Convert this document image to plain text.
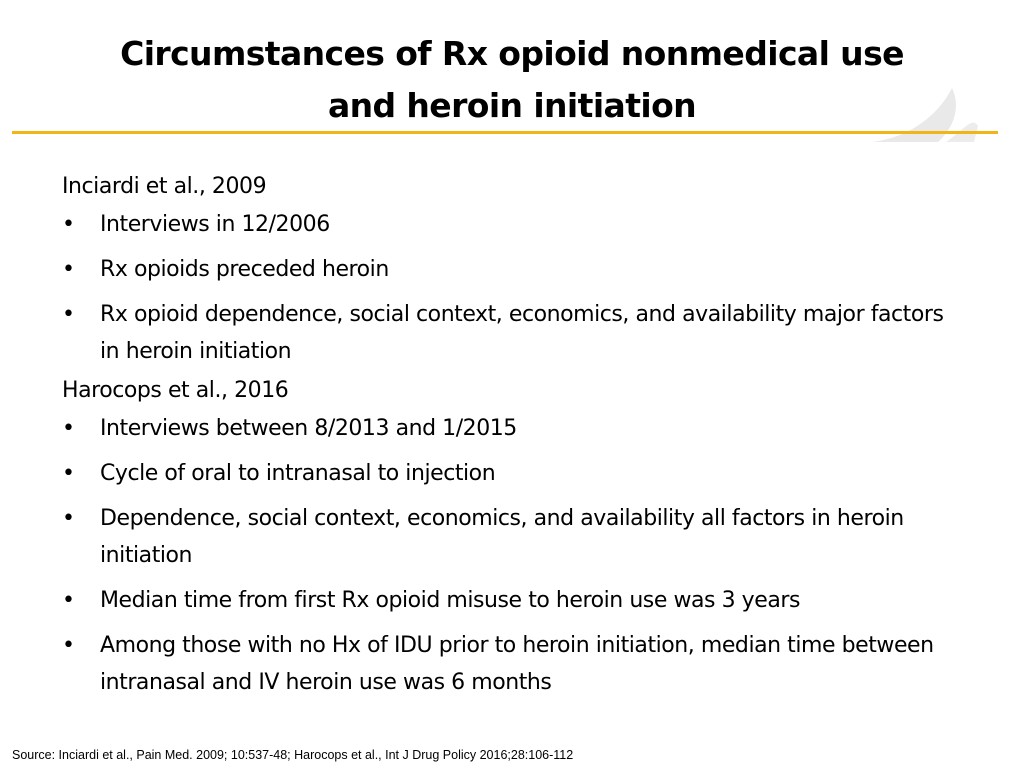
Circumstances of Rx opioid nonmedical use
and heroin initiation

Inciardi et al., 2009

•	Interviews in 12/2006
•	Rx opioids preceded heroin
•	Rx opioid dependence, social context, economics, and availability major factors in heroin initiation

Harocops et al., 2016

•	Interviews between 8/2013 and 1/2015
•	Cycle of oral to intranasal to injection
•	Dependence, social context, economics, and availability all factors in heroin initiation
•	Median time from first Rx opioid misuse to heroin use was 3 years
•	Among those with no Hx of IDU prior to heroin initiation, median time between intranasal and IV heroin use was 6 months
Source: Inciardi et al., Pain Med. 2009; 10:537-48; Harocops et al., Int J Drug Policy 2016;28:106-112
